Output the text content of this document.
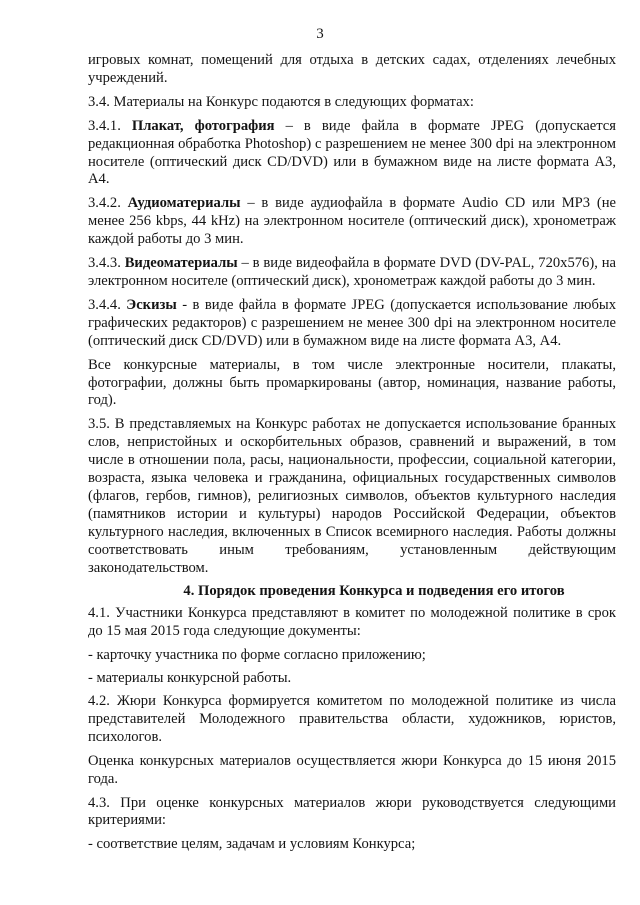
3

игровых комнат, помещений для отдыха в детских садах, отделениях лечебных учреждений.

3.4. Материалы на Конкурс подаются в следующих форматах:

3.4.1. Плакат, фотография – в виде файла в формате JPEG (допускается редакционная обработка Photoshop) с разрешением не менее 300 dpi на электронном носителе (оптический диск CD/DVD) или в бумажном виде на листе формата А3, А4.

3.4.2. Аудиоматериалы – в виде аудиофайла в формате Audio CD или MP3 (не менее 256 kbps, 44 kHz) на электронном носителе (оптический диск), хронометраж каждой работы до 3 мин.

3.4.3. Видеоматериалы – в виде видеофайла в формате DVD (DV-PAL, 720x576), на электронном носителе (оптический диск), хронометраж каждой работы до 3 мин.

3.4.4. Эскизы - в виде файла в формате JPEG (допускается использование любых графических редакторов) с разрешением не менее 300 dpi на электронном носителе (оптический диск CD/DVD) или в бумажном виде на листе формата А3, А4.

Все конкурсные материалы, в том числе электронные носители, плакаты, фотографии, должны быть промаркированы (автор, номинация, название работы, год).

3.5. В представляемых на Конкурс работах не допускается использование бранных слов, непристойных и оскорбительных образов, сравнений и выражений, в том числе в отношении пола, расы, национальности, профессии, социальной категории, возраста, языка человека и гражданина, официальных государственных символов (флагов, гербов, гимнов), религиозных символов, объектов культурного наследия (памятников истории и культуры) народов Российской Федерации, объектов культурного наследия, включенных в Список всемирного наследия. Работы должны соответствовать иным требованиям, установленным действующим законодательством.

4. Порядок проведения Конкурса и подведения его итогов

4.1. Участники Конкурса представляют в комитет по молодежной политике в срок до 15 мая 2015 года следующие документы:

- карточку участника по форме согласно приложению;

- материалы конкурсной работы.

4.2. Жюри Конкурса формируется комитетом по молодежной политике из числа представителей Молодежного правительства области, художников, юристов, психологов.

Оценка конкурсных материалов осуществляется жюри Конкурса до 15 июня 2015 года.

4.3. При оценке конкурсных материалов жюри руководствуется следующими критериями:

- соответствие целям, задачам и условиям Конкурса;
